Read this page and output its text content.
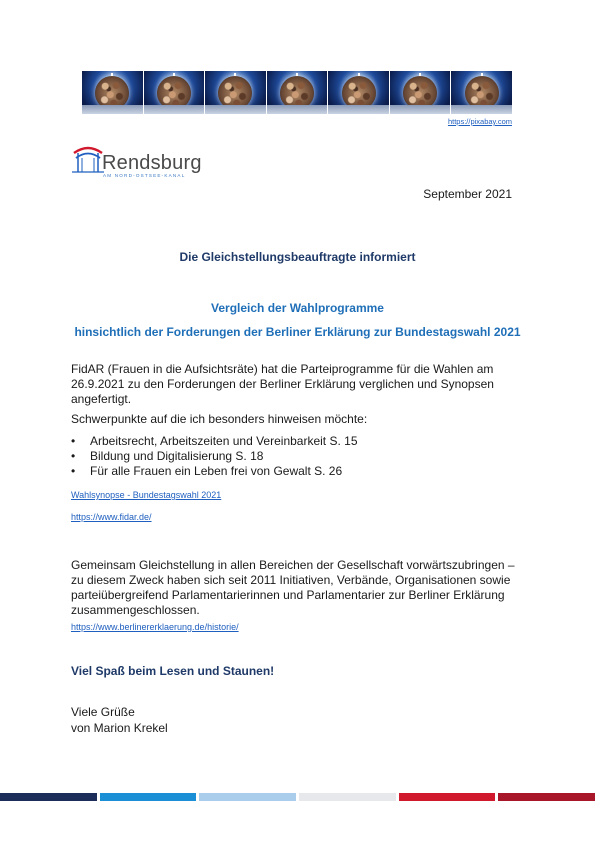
https://pixabay.com
Rendsburg
AM NORD-OSTSEE-KANAL
September 2021
Die Gleichstellungsbeauftragte informiert
Vergleich der Wahlprogramme
hinsichtlich der Forderungen der Berliner Erklärung zur Bundestagswahl 2021
FidAR (Frauen in die Aufsichtsräte) hat die Parteiprogramme für die Wahlen am 26.9.2021 zu den Forderungen der Berliner Erklärung verglichen und Synopsen angefertigt.
Schwerpunkte auf die ich besonders hinweisen möchte:
• Arbeitsrecht, Arbeitszeiten und Vereinbarkeit S. 15
• Bildung und Digitalisierung S. 18
• Für alle Frauen ein Leben frei von Gewalt S. 26
Wahlsynopse - Bundestagswahl 2021
https://www.fidar.de/
Gemeinsam Gleichstellung in allen Bereichen der Gesellschaft vorwärtszubringen – zu diesem Zweck haben sich seit 2011 Initiativen, Verbände, Organisationen sowie parteiübergreifend Parlamentarierinnen und Parlamentarier zur Berliner Erklärung zusammengeschlossen.
https://www.berlinererklaerung.de/historie/
Viel Spaß beim Lesen und Staunen!
Viele Grüße
von Marion Krekel
